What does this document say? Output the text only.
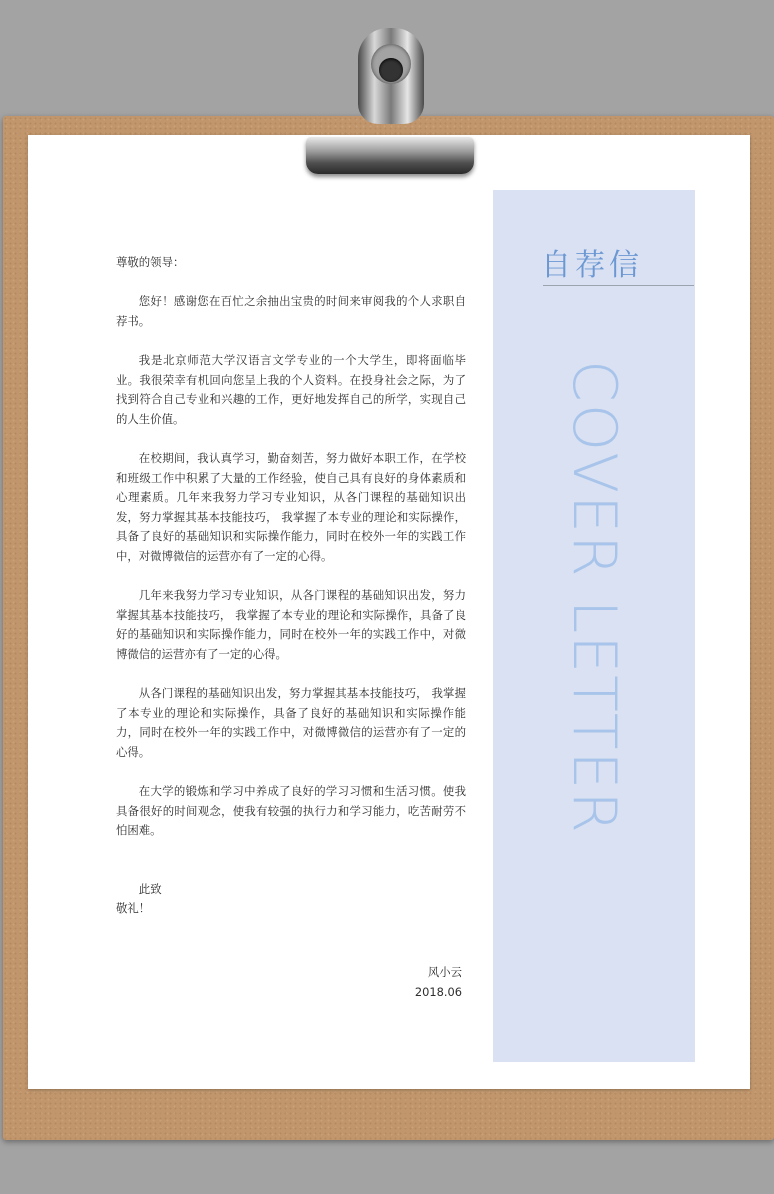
自荐信
COVER LETTER

尊敬的领导：

您好！感谢您在百忙之余抽出宝贵的时间来审阅我的个人求职自荐书。

我是北京师范大学汉语言文学专业的一个大学生，即将面临毕业。我很荣幸有机回向您呈上我的个人资料。在投身社会之际，为了找到符合自己专业和兴趣的工作，更好地发挥自己的所学，实现自己的人生价值。

在校期间，我认真学习，勤奋刻苦，努力做好本职工作，在学校和班级工作中积累了大量的工作经验，使自己具有良好的身体素质和心理素质。几年来我努力学习专业知识，从各门课程的基础知识出发，努力掌握其基本技能技巧， 我掌握了本专业的理论和实际操作，具备了良好的基础知识和实际操作能力，同时在校外一年的实践工作中，对微博微信的运营亦有了一定的心得。

几年来我努力学习专业知识，从各门课程的基础知识出发，努力掌握其基本技能技巧， 我掌握了本专业的理论和实际操作，具备了良好的基础知识和实际操作能力，同时在校外一年的实践工作中，对微博微信的运营亦有了一定的心得。

从各门课程的基础知识出发，努力掌握其基本技能技巧， 我掌握了本专业的理论和实际操作，具备了良好的基础知识和实际操作能力，同时在校外一年的实践工作中，对微博微信的运营亦有了一定的心得。

在大学的锻炼和学习中养成了良好的学习习惯和生活习惯。使我具备很好的时间观念，使我有较强的执行力和学习能力，吃苦耐劳不怕困难。

此致

敬礼！

风小云
2018.06
